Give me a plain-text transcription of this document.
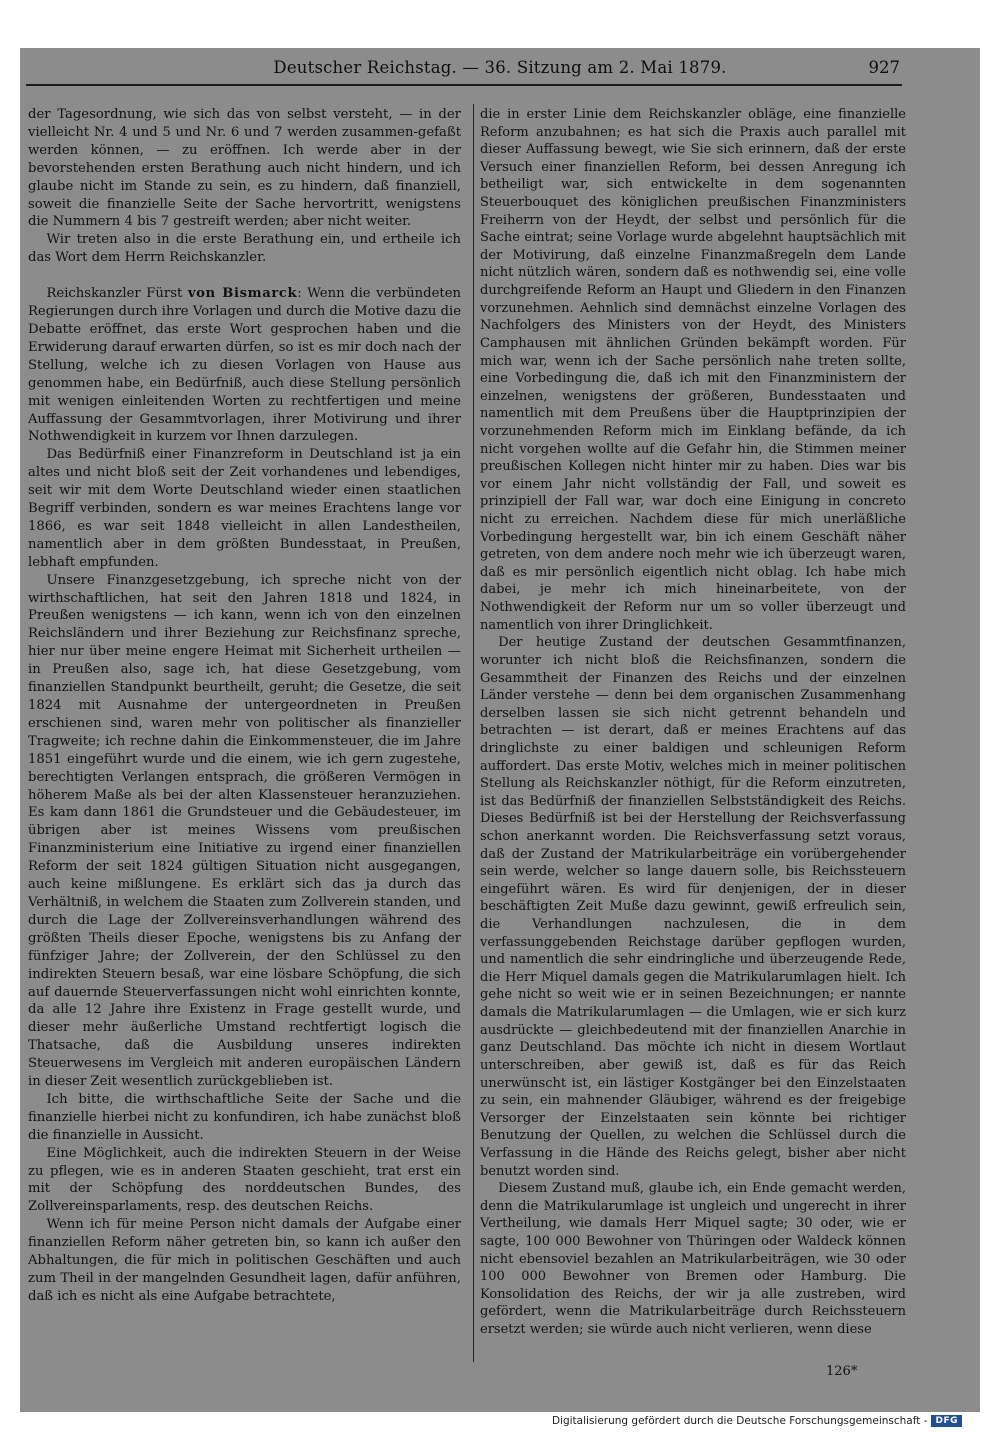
Deutscher Reichstag. — 36. Sitzung am 2. Mai 1879.	927

der Tagesordnung, wie sich das von selbst versteht, — in der vielleicht Nr. 4 und 5 und Nr. 6 und 7 werden zusammen-gefaßt werden können, — zu eröffnen. Ich werde aber in der bevorstehenden ersten Berathung auch nicht hindern, und ich glaube nicht im Stande zu sein, es zu hindern, daß finanziell, soweit die finanzielle Seite der Sache hervortritt, wenigstens die Nummern 4 bis 7 gestreift werden; aber nicht weiter.

Wir treten also in die erste Berathung ein, und ertheile ich das Wort dem Herrn Reichskanzler.

Reichskanzler Fürst von Bismarck: Wenn die verbündeten Regierungen durch ihre Vorlagen und durch die Motive dazu die Debatte eröffnet, das erste Wort gesprochen haben und die Erwiderung darauf erwarten dürfen, so ist es mir doch nach der Stellung, welche ich zu diesen Vorlagen von Hause aus genommen habe, ein Bedürfniß, auch diese Stellung persönlich mit wenigen einleitenden Worten zu rechtfertigen und meine Auffassung der Gesammtvorlagen, ihrer Motivirung und ihrer Nothwendigkeit in kurzem vor Ihnen darzulegen.

Das Bedürfniß einer Finanzreform in Deutschland ist ja ein altes und nicht bloß seit der Zeit vorhandenes und lebendiges, seit wir mit dem Worte Deutschland wieder einen staatlichen Begriff verbinden, sondern es war meines Erachtens lange vor 1866, es war seit 1848 vielleicht in allen Landestheilen, namentlich aber in dem größten Bundesstaat, in Preußen, lebhaft empfunden.

Unsere Finanzgesetzgebung, ich spreche nicht von der wirthschaftlichen, hat seit den Jahren 1818 und 1824, in Preußen wenigstens — ich kann, wenn ich von den einzelnen Reichsländern und ihrer Beziehung zur Reichsfinanz spreche, hier nur über meine engere Heimat mit Sicherheit urtheilen — in Preußen also, sage ich, hat diese Gesetzgebung, vom finanziellen Standpunkt beurtheilt, geruht; die Gesetze, die seit 1824 mit Ausnahme der untergeordneten in Preußen erschienen sind, waren mehr von politischer als finanzieller Tragweite; ich rechne dahin die Einkommensteuer, die im Jahre 1851 eingeführt wurde und die einem, wie ich gern zugestehe, berechtigten Verlangen entsprach, die größeren Vermögen in höherem Maße als bei der alten Klassensteuer heranzuziehen. Es kam dann 1861 die Grundsteuer und die Gebäudesteuer, im übrigen aber ist meines Wissens vom preußischen Finanzministerium eine Initiative zu irgend einer finanziellen Reform der seit 1824 gültigen Situation nicht ausgegangen, auch keine mißlungene. Es erklärt sich das ja durch das Verhältniß, in welchem die Staaten zum Zollverein standen, und durch die Lage der Zollvereinsverhandlungen während des größten Theils dieser Epoche, wenigstens bis zu Anfang der fünfziger Jahre; der Zollverein, der den Schlüssel zu den indirekten Steuern besaß, war eine lösbare Schöpfung, die sich auf dauernde Steuerverfassungen nicht wohl einrichten konnte, da alle 12 Jahre ihre Existenz in Frage gestellt wurde, und dieser mehr äußerliche Umstand rechtfertigt logisch die Thatsache, daß die Ausbildung unseres indirekten Steuerwesens im Vergleich mit anderen europäischen Ländern in dieser Zeit wesentlich zurückgeblieben ist.

Ich bitte, die wirthschaftliche Seite der Sache und die finanzielle hierbei nicht zu konfundiren, ich habe zunächst bloß die finanzielle in Aussicht.

Eine Möglichkeit, auch die indirekten Steuern in der Weise zu pflegen, wie es in anderen Staaten geschieht, trat erst ein mit der Schöpfung des norddeutschen Bundes, des Zollvereinsparlaments, resp. des deutschen Reichs.

Wenn ich für meine Person nicht damals der Aufgabe einer finanziellen Reform näher getreten bin, so kann ich außer den Abhaltungen, die für mich in politischen Geschäften und auch zum Theil in der mangelnden Gesundheit lagen, dafür anführen, daß ich es nicht als eine Aufgabe betrachtete,

die in erster Linie dem Reichskanzler obläge, eine finanzielle Reform anzubahnen; es hat sich die Praxis auch parallel mit dieser Auffassung bewegt, wie Sie sich erinnern, daß der erste Versuch einer finanziellen Reform, bei dessen Anregung ich betheiligt war, sich entwickelte in dem sogenannten Steuerbouquet des königlichen preußischen Finanzministers Freiherrn von der Heydt, der selbst und persönlich für die Sache eintrat; seine Vorlage wurde abgelehnt hauptsächlich mit der Motivirung, daß einzelne Finanzmaßregeln dem Lande nicht nützlich wären, sondern daß es nothwendig sei, eine volle durchgreifende Reform an Haupt und Gliedern in den Finanzen vorzunehmen. Aehnlich sind demnächst einzelne Vorlagen des Nachfolgers des Ministers von der Heydt, des Ministers Camphausen mit ähnlichen Gründen bekämpft worden. Für mich war, wenn ich der Sache persönlich nahe treten sollte, eine Vorbedingung die, daß ich mit den Finanzministern der einzelnen, wenigstens der größeren, Bundesstaaten und namentlich mit dem Preußens über die Hauptprinzipien der vorzunehmenden Reform mich im Einklang befände, da ich nicht vorgehen wollte auf die Gefahr hin, die Stimmen meiner preußischen Kollegen nicht hinter mir zu haben. Dies war bis vor einem Jahr nicht vollständig der Fall, und soweit es prinzipiell der Fall war, war doch eine Einigung in concreto nicht zu erreichen. Nachdem diese für mich unerläßliche Vorbedingung hergestellt war, bin ich einem Geschäft näher getreten, von dem andere noch mehr wie ich überzeugt waren, daß es mir persönlich eigentlich nicht oblag. Ich habe mich dabei, je mehr ich mich hineinarbeitete, von der Nothwendigkeit der Reform nur um so voller überzeugt und namentlich von ihrer Dringlichkeit.

Der heutige Zustand der deutschen Gesammtfinanzen, worunter ich nicht bloß die Reichsfinanzen, sondern die Gesammtheit der Finanzen des Reichs und der einzelnen Länder verstehe — denn bei dem organischen Zusammenhang derselben lassen sie sich nicht getrennt behandeln und betrachten — ist derart, daß er meines Erachtens auf das dringlichste zu einer baldigen und schleunigen Reform auffordert. Das erste Motiv, welches mich in meiner politischen Stellung als Reichskanzler nöthigt, für die Reform einzutreten, ist das Bedürfniß der finanziellen Selbstständigkeit des Reichs. Dieses Bedürfniß ist bei der Herstellung der Reichsverfassung schon anerkannt worden. Die Reichsverfassung setzt voraus, daß der Zustand der Matrikularbeiträge ein vorübergehender sein werde, welcher so lange dauern solle, bis Reichssteuern eingeführt wären. Es wird für denjenigen, der in dieser beschäftigten Zeit Muße dazu gewinnt, gewiß erfreulich sein, die Verhandlungen nachzulesen, die in dem verfassunggebenden Reichstage darüber gepflogen wurden, und namentlich die sehr eindringliche und überzeugende Rede, die Herr Miquel damals gegen die Matrikularumlagen hielt. Ich gehe nicht so weit wie er in seinen Bezeichnungen; er nannte damals die Matrikularumlagen — die Umlagen, wie er sich kurz ausdrückte — gleichbedeutend mit der finanziellen Anarchie in ganz Deutschland. Das möchte ich nicht in diesem Wortlaut unterschreiben, aber gewiß ist, daß es für das Reich unerwünscht ist, ein lästiger Kostgänger bei den Einzelstaaten zu sein, ein mahnender Gläubiger, während es der freigebige Versorger der Einzelstaaten sein könnte bei richtiger Benutzung der Quellen, zu welchen die Schlüssel durch die Verfassung in die Hände des Reichs gelegt, bisher aber nicht benutzt worden sind.

Diesem Zustand muß, glaube ich, ein Ende gemacht werden, denn die Matrikularumlage ist ungleich und ungerecht in ihrer Vertheilung, wie damals Herr Miquel sagte; 30 oder, wie er sagte, 100 000 Bewohner von Thüringen oder Waldeck können nicht ebensoviel bezahlen an Matrikularbeiträgen, wie 30 oder 100 000 Bewohner von Bremen oder Hamburg. Die Konsolidation des Reichs, der wir ja alle zustreben, wird gefördert, wenn die Matrikularbeiträge durch Reichssteuern ersetzt werden; sie würde auch nicht verlieren, wenn diese

126*
Digitalisierung gefördert durch die Deutsche Forschungsgemeinschaft - DFG
